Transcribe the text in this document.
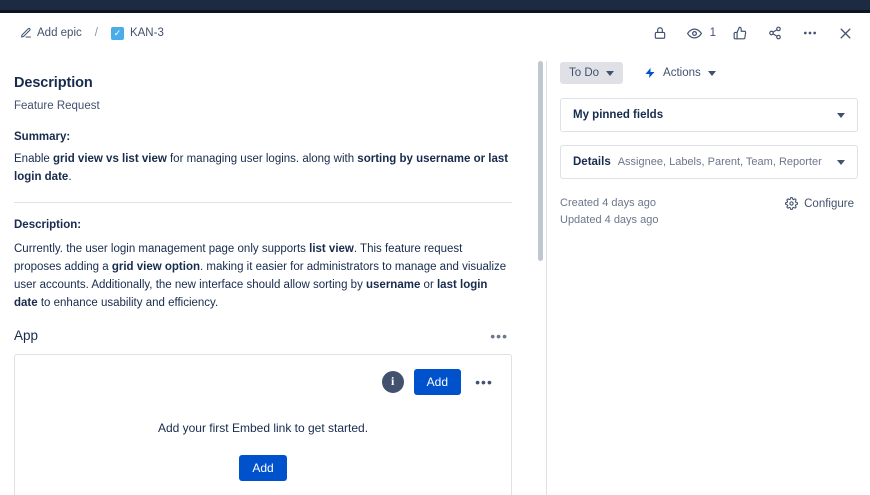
Add epic /	✓ KAN-3	1
Description
Feature Request
Summary:
Enable grid view vs list view for managing user logins. along with sorting by username or last login date.
Description:
Currently. the user login management page only supports list view. This feature request proposes adding a grid view option. making it easier for administrators to manage and visualize user accounts. Additionally, the new interface should allow sorting by username or last login date to enhance usability and efficiency.
App	•••
i	Add	•••
Add your first Embed link to get started.
Add
To Do	Actions
My pinned fields
Details Assignee, Labels, Parent, Team, Reporter
Created 4 days ago
Updated 4 days ago
Configure
